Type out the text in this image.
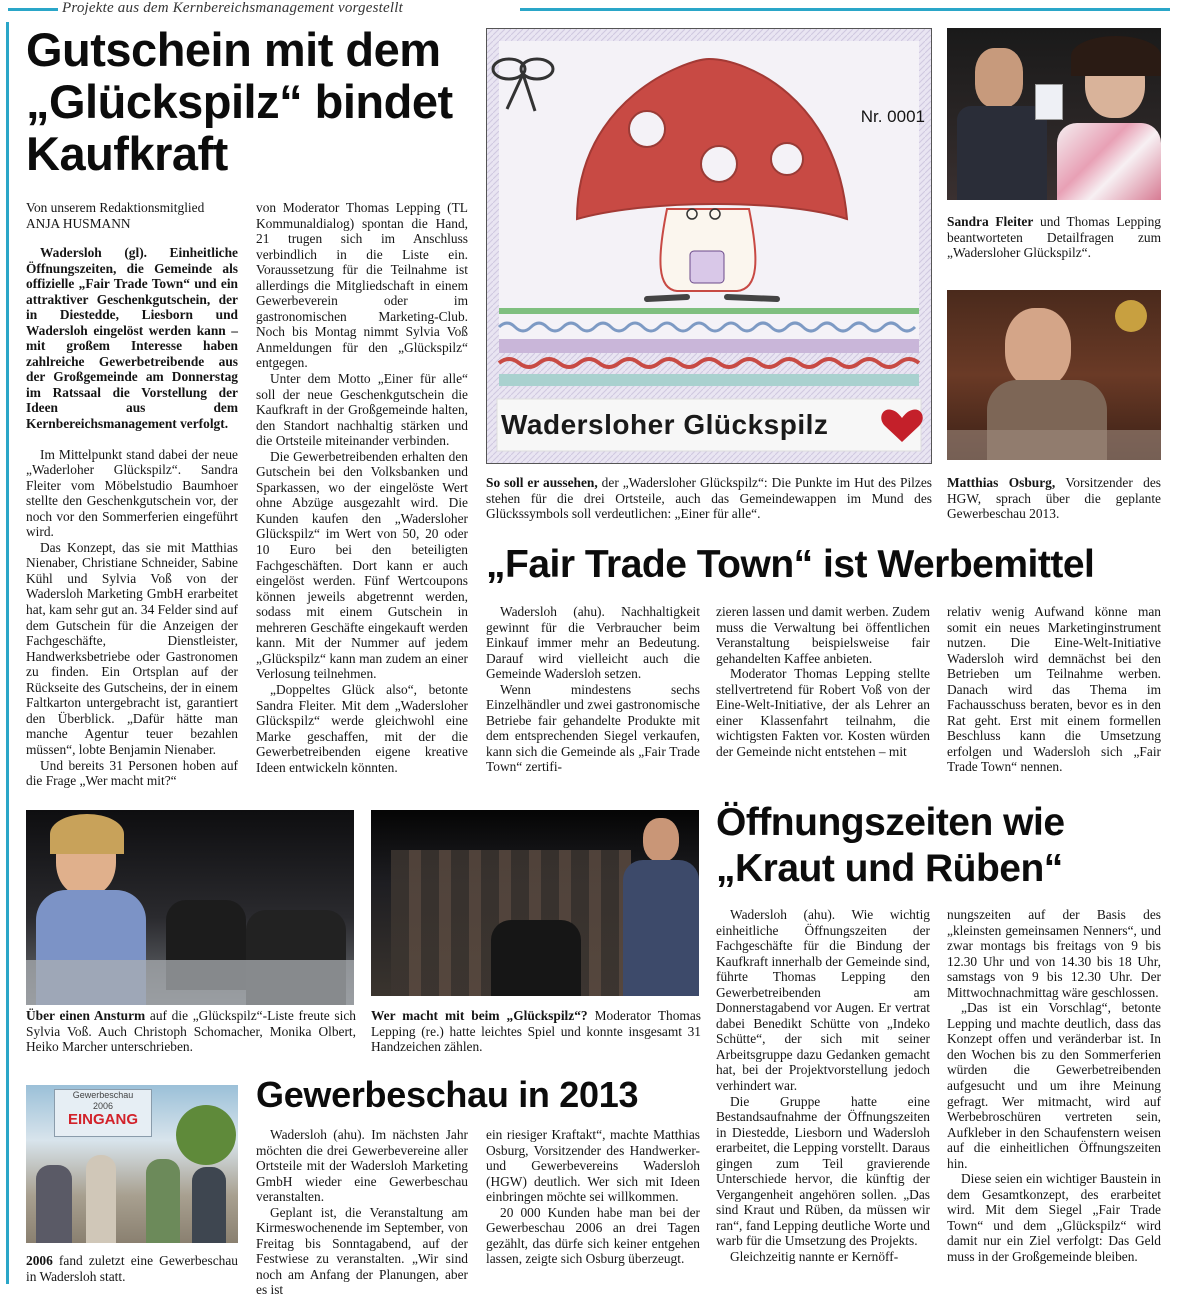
Projekte aus dem Kernbereichsmanagement vorgestellt
Gutschein mit dem „Glückspilz“ bindet Kaufkraft
Von unserem Redaktionsmitglied
ANJA HUSMANN

Wadersloh (gl). Einheitliche Öffnungszeiten, die Gemeinde als offizielle „Fair Trade Town“ und ein attraktiver Geschenkgutschein, der in Diestedde, Liesborn und Wadersloh eingelöst werden kann – mit großem Interesse haben zahlreiche Gewerbetreibende aus der Großgemeinde am Donnerstag im Ratssaal die Vorstellung der Ideen aus dem Kernbereichsmanagement verfolgt.

Im Mittelpunkt stand dabei der neue „Waderloher Glückspilz“. Sandra Fleiter vom Möbelstudio Baumhoer stellte den Geschenkgutschein vor, der noch vor den Sommerferien eingeführt wird.

Das Konzept, das sie mit Matthias Nienaber, Christiane Schneider, Sabine Kühl und Sylvia Voß von der Wadersloh Marketing GmbH erarbeitet hat, kam sehr gut an. 34 Felder sind auf dem Gutschein für die Anzeigen der Fachgeschäfte, Dienstleister, Handwerksbetriebe oder Gastronomen zu finden. Ein Ortsplan auf der Rückseite des Gutscheins, der in einem Faltkarton untergebracht ist, garantiert den Überblick. „Dafür hätte man manche Agentur teuer bezahlen müssen“, lobte Benjamin Nienaber.

Und bereits 31 Personen hoben auf die Frage „Wer macht mit?“

von Moderator Thomas Lepping (TL Kommunaldialog) spontan die Hand, 21 trugen sich im Anschluss verbindlich in die Liste ein. Voraussetzung für die Teilnahme ist allerdings die Mitgliedschaft in einem Gewerbeverein oder im gastronomischen Marketing-Club. Noch bis Montag nimmt Sylvia Voß Anmeldungen für den „Glückspilz“ entgegen.

Unter dem Motto „Einer für alle“ soll der neue Geschenkgutschein die Kaufkraft in der Großgemeinde halten, den Standort nachhaltig stärken und die Ortsteile miteinander verbinden.

Die Gewerbetreibenden erhalten den Gutschein bei den Volksbanken und Sparkassen, wo der eingelöste Wert ohne Abzüge ausgezahlt wird. Die Kunden kaufen den „Wadersloher Glückspilz“ im Wert von 50, 20 oder 10 Euro bei den beteiligten Fachgeschäften. Dort kann er auch eingelöst werden. Fünf Wertcoupons können jeweils abgetrennt werden, sodass mit einem Gutschein in mehreren Geschäfte eingekauft werden kann. Mit der Nummer auf jedem „Glückspilz“ kann man zudem an einer Verlosung teilnehmen.

„Doppeltes Glück also“, betonte Sandra Fleiter. Mit dem „Wadersloher Glückspilz“ werde gleichwohl eine Marke geschaffen, mit der die Gewerbetreibenden eigene kreative Ideen entwickeln könnten.

Nr. 0001
Wadersloher Glückspilz
So soll er aussehen, der „Wadersloher Glückspilz“: Die Punkte im Hut des Pilzes stehen für die drei Ortsteile, auch das Gemeindewappen im Mund des Glückssymbols soll verdeutlichen: „Einer für alle“.
Sandra Fleiter und Thomas Lepping beantworteten Detailfragen zum „Wadersloher Glückspilz“.
Matthias Osburg, Vorsitzender des HGW, sprach über die geplante Gewerbeschau 2013.
„Fair Trade Town“ ist Werbemittel

Wadersloh (ahu). Nachhaltigkeit gewinnt für die Verbraucher beim Einkauf immer mehr an Bedeutung. Darauf wird vielleicht auch die Gemeinde Wadersloh setzen.

Wenn mindestens sechs Einzelhändler und zwei gastronomische Betriebe fair gehandelte Produkte mit dem entsprechenden Siegel verkaufen, kann sich die Gemeinde als „Fair Trade Town“ zertifi-

zieren lassen und damit werben. Zudem muss die Verwaltung bei öffentlichen Veranstaltung beispielsweise fair gehandelten Kaffee anbieten.

Moderator Thomas Lepping stellte stellvertretend für Robert Voß von der Eine-Welt-Initiative, der als Lehrer an einer Klassenfahrt teilnahm, die wichtigsten Fakten vor. Kosten würden der Gemeinde nicht entstehen – mit

relativ wenig Aufwand könne man somit ein neues Marketinginstrument nutzen. Die Eine-Welt-Initiative Wadersloh wird demnächst bei den Betrieben um Teilnahme werben. Danach wird das Thema im Fachausschuss beraten, bevor es in den Rat geht. Erst mit einem formellen Beschluss kann die Umsetzung erfolgen und Wadersloh sich „Fair Trade Town“ nennen.

Über einen Ansturm auf die „Glückspilz“-Liste freute sich Sylvia Voß. Auch Christoph Schomacher, Monika Olbert, Heiko Marcher unterschrieben.
Wer macht mit beim „Glückspilz“? Moderator Thomas Lepping (re.) hatte leichtes Spiel und konnte insgesamt 31 Handzeichen zählen.
Öffnungszeiten wie „Kraut und Rüben“

Wadersloh (ahu). Wie wichtig einheitliche Öffnungszeiten der Fachgeschäfte für die Bindung der Kaufkraft innerhalb der Gemeinde sind, führte Thomas Lepping den Gewerbetreibenden am Donnerstagabend vor Augen. Er vertrat dabei Benedikt Schütte von „Indeko Schütte“, der sich mit seiner Arbeitsgruppe dazu Gedanken gemacht hat, bei der Projektvorstellung jedoch verhindert war.

Die Gruppe hatte eine Bestandsaufnahme der Öffnungszeiten in Diestedde, Liesborn und Wadersloh erarbeitet, die Lepping vorstellt. Daraus gingen zum Teil gravierende Unterschiede hervor, die künftig der Vergangenheit angehören sollen. „Das sind Kraut und Rüben, da müssen wir ran“, fand Lepping deutliche Worte und warb für die Umsetzung des Projekts.

Gleichzeitig nannte er Kernöff-

nungszeiten auf der Basis des „kleinsten gemeinsamen Nenners“, und zwar montags bis freitags von 9 bis 12.30 Uhr und von 14.30 bis 18 Uhr, samstags von 9 bis 12.30 Uhr. Der Mittwochnachmittag wäre geschlossen.

„Das ist ein Vorschlag“, betonte Lepping und machte deutlich, dass das Konzept offen und veränderbar ist. In den Wochen bis zu den Sommerferien würden die Gewerbetreibenden aufgesucht und um ihre Meinung gefragt. Wer mitmacht, wird auf Werbebroschüren vertreten sein, Aufkleber in den Schaufenstern weisen auf die einheitlichen Öffnungszeiten hin.

Diese seien ein wichtiger Baustein in dem Gesamtkonzept, des erarbeitet wird. Mit dem Siegel „Fair Trade Town“ und dem „Glückspilz“ wird damit nur ein Ziel verfolgt: Das Geld muss in der Großgemeinde bleiben.

Gewerbeschau
2006
EINGANG
2006 fand zuletzt eine Gewerbeschau in Wadersloh statt.
Gewerbeschau in 2013

Wadersloh (ahu). Im nächsten Jahr möchten die drei Gewerbevereine aller Ortsteile mit der Wadersloh Marketing GmbH wieder eine Gewerbeschau veranstalten.

Geplant ist, die Veranstaltung am Kirmeswochenende im September, von Freitag bis Sonntagabend, auf der Festwiese zu veranstalten. „Wir sind noch am Anfang der Planungen, aber es ist

ein riesiger Kraftakt“, machte Matthias Osburg, Vorsitzender des Handwerker- und Gewerbevereins Wadersloh (HGW) deutlich. Wer sich mit Ideen einbringen möchte sei willkommen.

20 000 Kunden habe man bei der Gewerbeschau 2006 an drei Tagen gezählt, das dürfe sich keiner entgehen lassen, zeigte sich Osburg überzeugt.
